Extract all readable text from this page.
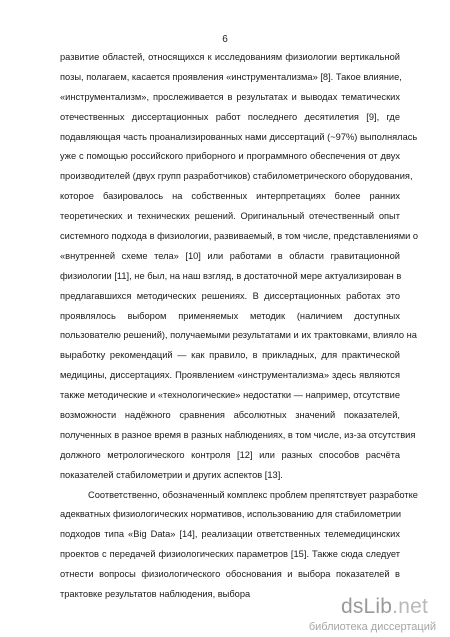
6
развитие областей, относящихся к исследованиям физиологии вертикальной
позы, полагаем, касается проявления «инструментализма» [8]. Такое влияние,
«инструментализм», прослеживается в результатах и выводах тематических
отечественных диссертационных работ последнего десятилетия [9], где
подавляющая часть проанализированных нами диссертаций (~97%) выполнялась
уже с помощью российского приборного и программного обеспечения от двух
производителей (двух групп разработчиков) стабилометрического оборудования,
которое базировалось на собственных интерпретациях более ранних
теоретических и технических решений. Оригинальный отечественный опыт
системного подхода в физиологии, развиваемый, в том числе, представлениями о
«внутренней схеме тела» [10] или работами в области гравитационной
физиологии [11], не был, на наш взгляд, в достаточной мере актуализирован в
предлагавшихся методических решениях. В диссертационных работах это
проявлялось выбором применяемых методик (наличием доступных
пользователю решений), получаемыми результатами и их трактовками, влияло на
выработку рекомендаций — как правило, в прикладных, для практической
медицины, диссертациях. Проявлением «инструментализма» здесь являются
также методические и «технологические» недостатки — например, отсутствие
возможности надёжного сравнения абсолютных значений показателей,
полученных в разное время в разных наблюдениях, в том числе, из-за отсутствия
должного метрологического контроля [12] или разных способов расчёта
показателей стабилометрии и других аспектов [13].
Соответственно, обозначенный комплекс проблем препятствует разработке
адекватных физиологических нормативов, использованию для стабилометрии
подходов типа «Big Data» [14], реализации ответственных телемедицинских
проектов с передачей физиологических параметров [15]. Также сюда следует
отнести вопросы физиологического обоснования и выбора показателей в
трактовке результатов наблюдения, выбора
dsLib.net
библиотека диссертаций
